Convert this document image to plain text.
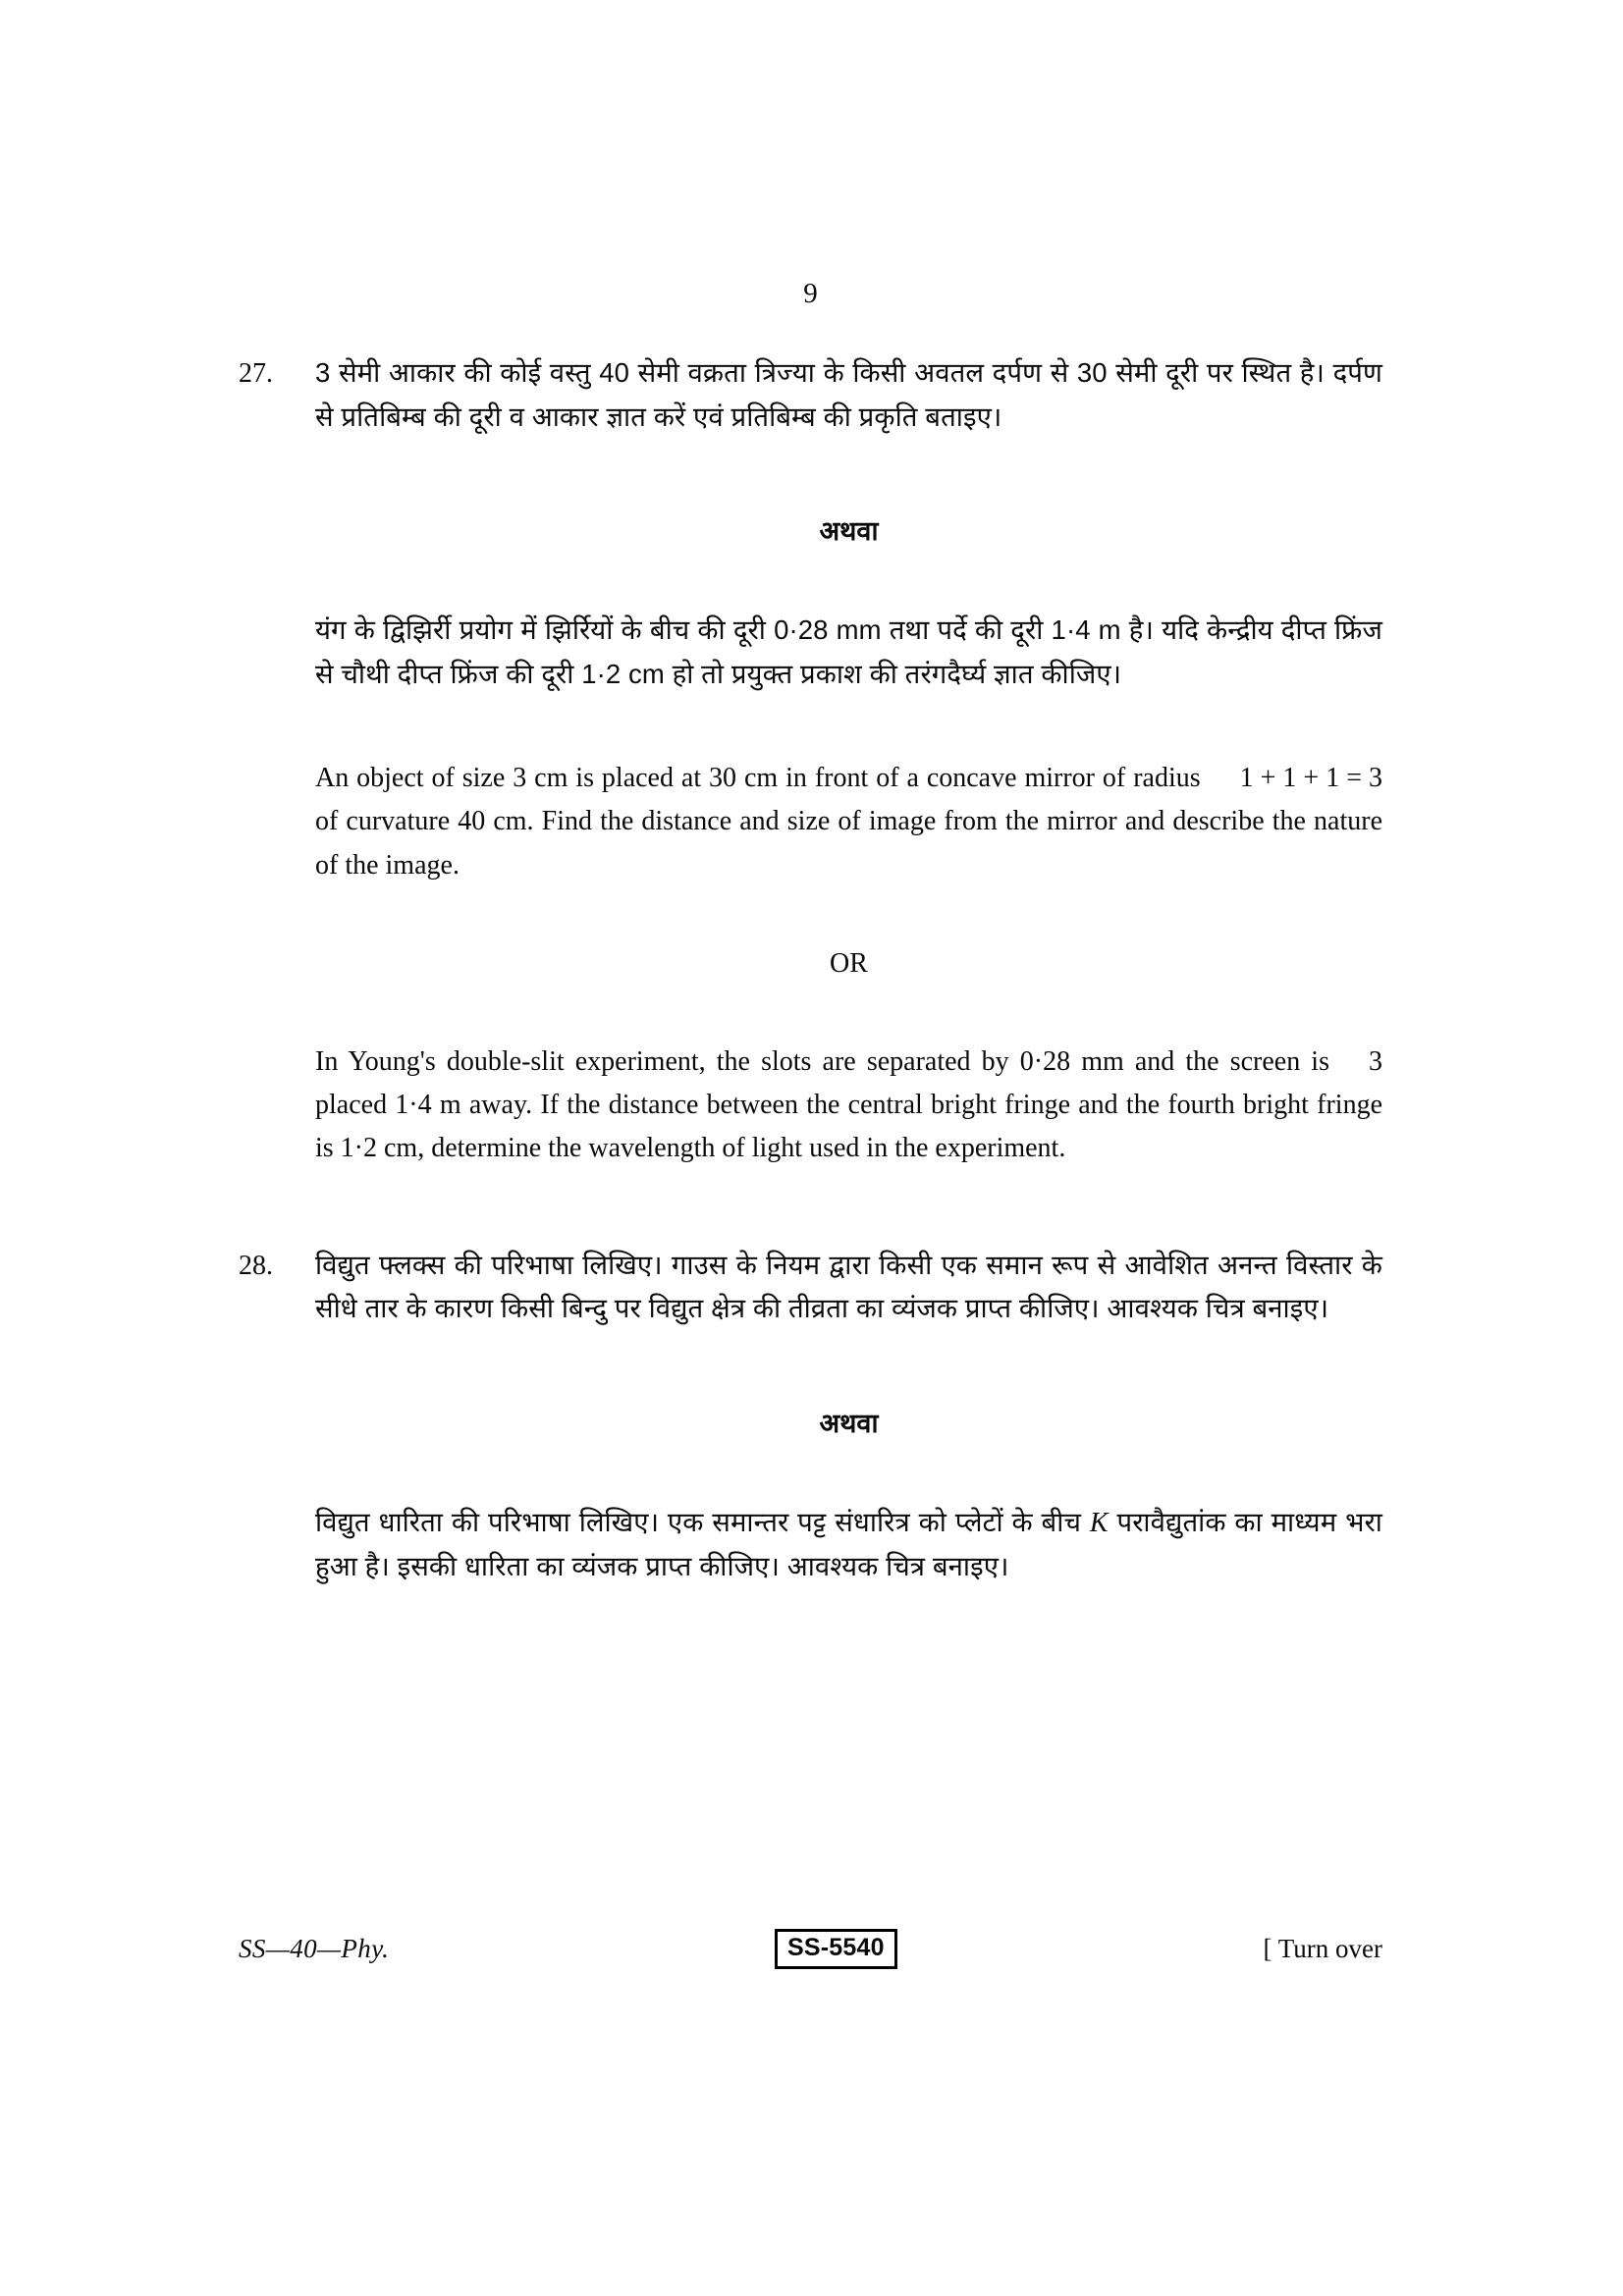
9
27.	3 सेमी आकार की कोई वस्तु 40 सेमी वक्रता त्रिज्या के किसी अवतल दर्पण से 30 सेमी दूरी पर स्थित है। दर्पण से प्रतिबिम्ब की दूरी व आकार ज्ञात करें एवं प्रतिबिम्ब की प्रकृति बताइए।

अथवा

यंग के द्विझिर्री प्रयोग में झिर्रियों के बीच की दूरी 0·28 mm तथा पर्दे की दूरी 1·4 m है। यदि केन्द्रीय दीप्त फ्रिंज से चौथी दीप्त फ्रिंज की दूरी 1·2 cm हो तो प्रयुक्त प्रकाश की तरंगदैर्घ्य ज्ञात कीजिए।

1 + 1 + 1 = 3
An object of size 3 cm is placed at 30 cm in front of a concave mirror of radius of curvature 40 cm. Find the distance and size of image from the mirror and describe the nature of the image.

OR

3
In Young's double-slit experiment, the slots are separated by 0·28 mm and the screen is placed 1·4 m away. If the distance between the central bright fringe and the fourth bright fringe is 1·2 cm, determine the wavelength of light used in the experiment.

28.	विद्युत फ्लक्स की परिभाषा लिखिए। गाउस के नियम द्वारा किसी एक समान रूप से आवेशित अनन्त विस्तार के सीधे तार के कारण किसी बिन्दु पर विद्युत क्षेत्र की तीव्रता का व्यंजक प्राप्त कीजिए। आवश्यक चित्र बनाइए।

अथवा

विद्युत धारिता की परिभाषा लिखिए। एक समान्तर पट्ट संधारित्र को प्लेटों के बीच K परावैद्युतांक का माध्यम भरा हुआ है। इसकी धारिता का व्यंजक प्राप्त कीजिए। आवश्यक चित्र बनाइए।

SS—40—Phy.	SS-5540	[ Turn over
